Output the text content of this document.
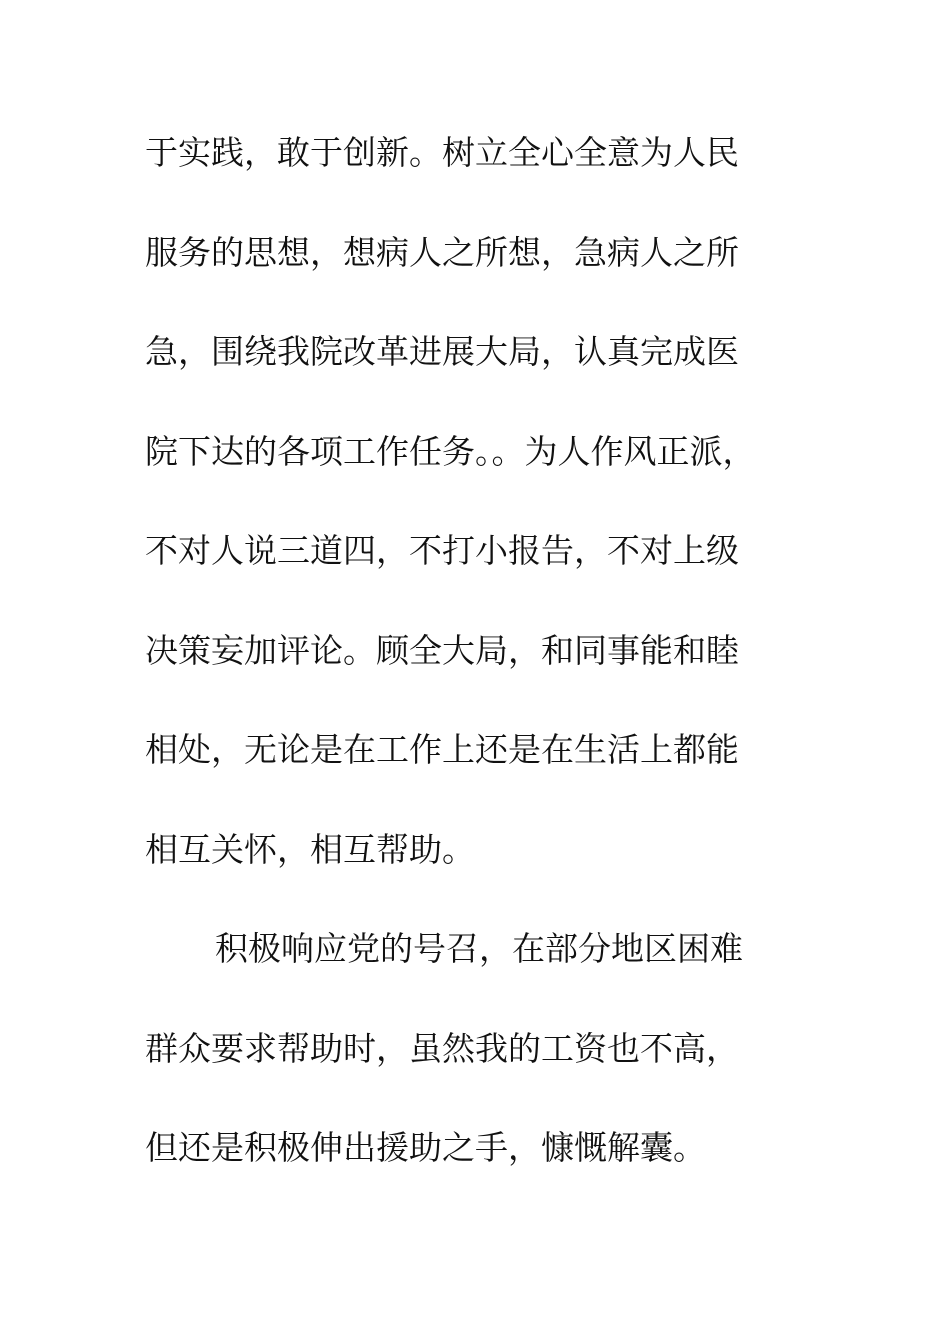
于实践，敢于创新。树立全心全意为人民
服务的思想，想病人之所想，急病人之所
急，围绕我院改革进展大局，认真完成医
院下达的各项工作任务。。为人作风正派，
不对人说三道四，不打小报告，不对上级
决策妄加评论。顾全大局，和同事能和睦
相处，无论是在工作上还是在生活上都能
相互关怀，相互帮助。
积极响应党的号召，在部分地区困难
群众要求帮助时，虽然我的工资也不高，
但还是积极伸出援助之手，慷慨解囊。
